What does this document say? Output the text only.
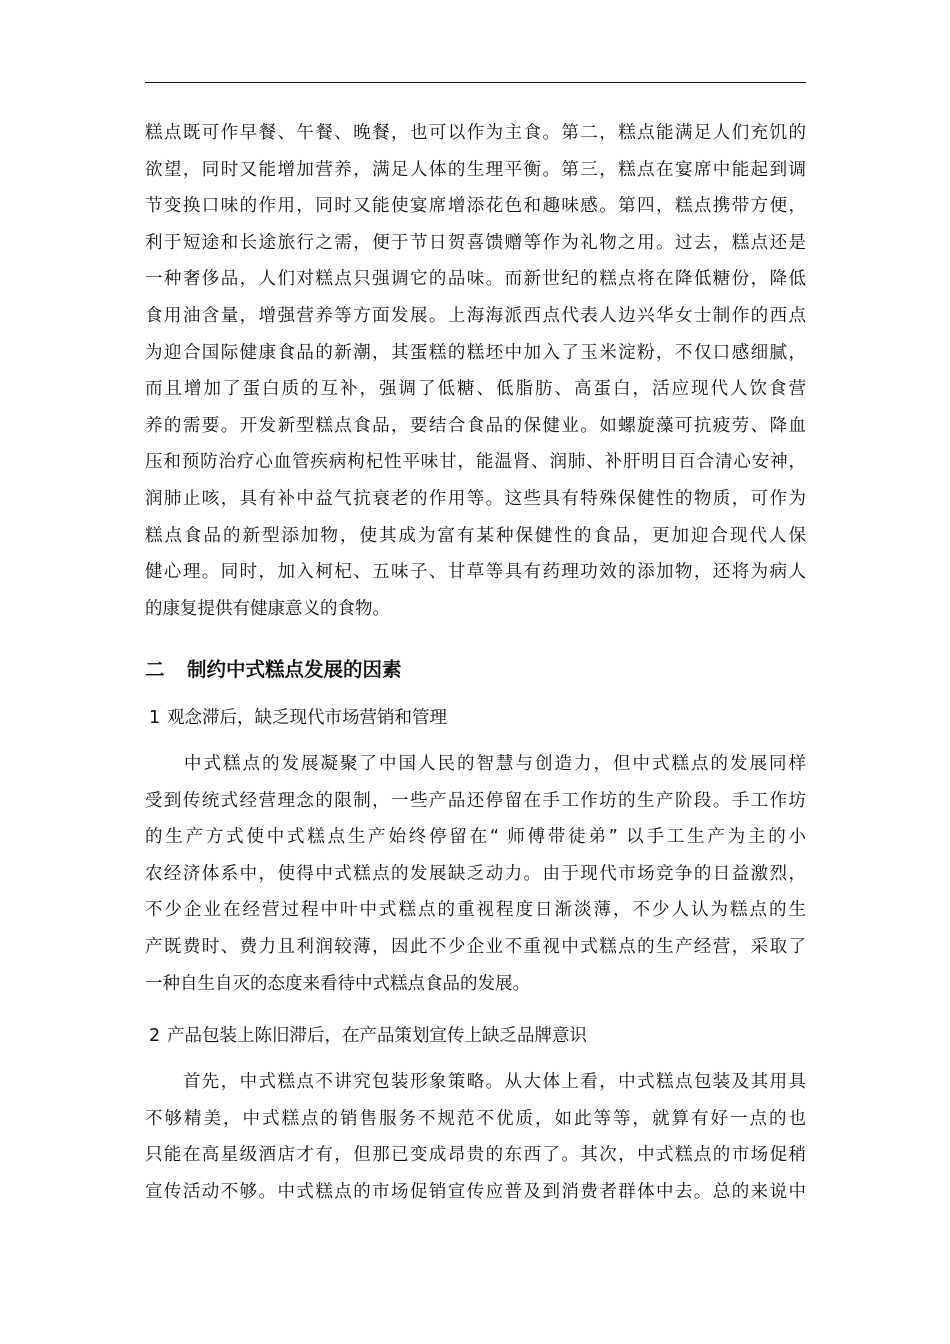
糕点既可作早餐、午餐、晚餐，也可以作为主食。第二，糕点能满足人们充饥的
欲望，同时又能增加营养，满足人体的生理平衡。第三，糕点在宴席中能起到调
节变换口味的作用，同时又能使宴席增添花色和趣味感。第四，糕点携带方便，
利于短途和长途旅行之需，便于节日贺喜馈赠等作为礼物之用。过去，糕点还是
一种奢侈品，人们对糕点只强调它的品味。而新世纪的糕点将在降低糖份，降低
食用油含量，增强营养等方面发展。上海海派西点代表人边兴华女士制作的西点
为迎合国际健康食品的新潮，其蛋糕的糕坯中加入了玉米淀粉，不仅口感细腻，
而且增加了蛋白质的互补，强调了低糖、低脂肪、高蛋白，活应现代人饮食营
养的需要。开发新型糕点食品，要结合食品的保健业。如螺旋藻可抗疲劳、降血
压和预防治疗心血管疾病枸杞性平味甘，能温肾、润肺、补肝明目百合清心安神，
润肺止咳，具有补中益气抗衰老的作用等。这些具有特殊保健性的物质，可作为
糕点食品的新型添加物，使其成为富有某种保健性的食品，更加迎合现代人保
健心理。同时，加入柯杞、五味子、甘草等具有药理功效的添加物，还将为病人
的康复提供有健康意义的食物。
二 制约中式糕点发展的因素
1 观念滞后，缺乏现代市场营销和管理
　　中式糕点的发展凝聚了中国人民的智慧与创造力，但中式糕点的发展同样
受到传统式经营理念的限制，一些产品还停留在手工作坊的生产阶段。手工作坊
的生产方式使中式糕点生产始终停留在“ 师傅带徒弟” 以手工生产为主的小
农经济体系中，使得中式糕点的发展缺乏动力。由于现代市场竞争的日益激烈，
不少企业在经营过程中叶中式糕点的重视程度日渐淡薄，不少人认为糕点的生
产既费时、费力且利润较薄，因此不少企业不重视中式糕点的生产经营，采取了
一种自生自灭的态度来看待中式糕点食品的发展。
2 产品包装上陈旧滞后，在产品策划宣传上缺乏品牌意识
　　首先，中式糕点不讲究包装形象策略。从大体上看，中式糕点包装及其用具
不够精美，中式糕点的销售服务不规范不优质，如此等等，就算有好一点的也
只能在高星级酒店才有，但那已变成昂贵的东西了。其次，中式糕点的市场促稍
宣传活动不够。中式糕点的市场促销宣传应普及到消费者群体中去。总的来说中
